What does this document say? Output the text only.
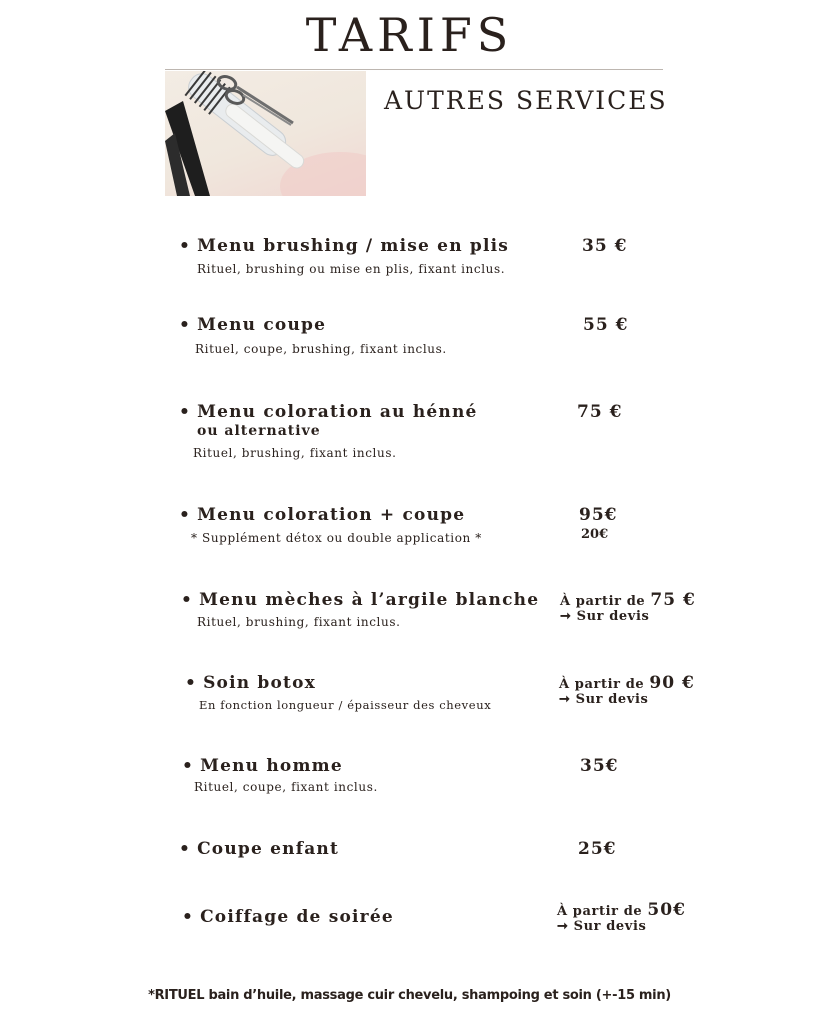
TARIFS
AUTRES SERVICES
• Menu brushing / mise en plis
Rituel, brushing ou mise en plis, fixant inclus.
35 €
• Menu coupe
Rituel, coupe, brushing, fixant inclus.
55 €
• Menu coloration au hénné
ou alternative
Rituel, brushing, fixant inclus.
75 €
• Menu coloration + coupe
* Supplément détox ou double application *
95€
20€
• Menu mèches à l’argile blanche
Rituel, brushing, fixant inclus.
À partir de 75 €
➞ Sur devis
• Soin botox
En fonction longueur / épaisseur des cheveux
À partir de 90 €
➞ Sur devis
• Menu homme
Rituel, coupe, fixant inclus.
35€
• Coupe enfant	25€
• Coiffage de soirée	À partir de 50€
➞ Sur devis
*RITUEL bain d’huile, massage cuir chevelu, shampoing et soin (+-15 min)
